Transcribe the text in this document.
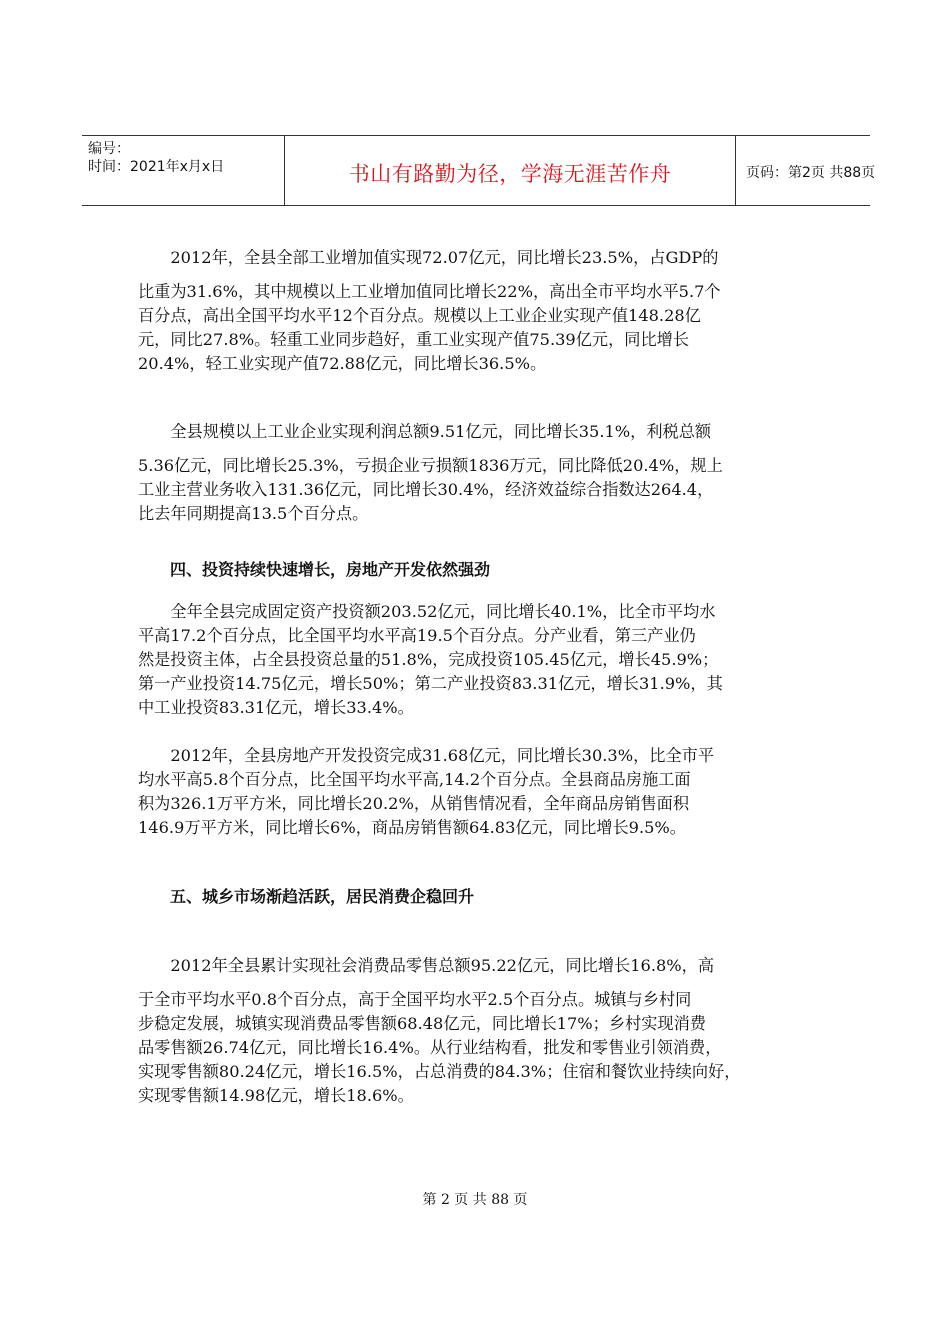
编号：
时间：2021年x月x日	书山有路勤为径，学海无涯苦作舟	页码：第2页 共88页
　　2012年，全县全部工业增加值实现72.07亿元，同比增长23.5%，占GDP的
比重为31.6%，其中规模以上工业增加值同比增长22%，高出全市平均水平5.7个
百分点，高出全国平均水平12个百分点。规模以上工业企业实现产值148.28亿
元，同比27.8%。轻重工业同步趋好，重工业实现产值75.39亿元，同比增长
20.4%，轻工业实现产值72.88亿元，同比增长36.5%。
　　全县规模以上工业企业实现利润总额9.51亿元，同比增长35.1%，利税总额
5.36亿元，同比增长25.3%，亏损企业亏损额1836万元，同比降低20.4%，规上
工业主营业务收入131.36亿元，同比增长30.4%，经济效益综合指数达264.4，
比去年同期提高13.5个百分点。
四、投资持续快速增长，房地产开发依然强劲
　　全年全县完成固定资产投资额203.52亿元，同比增长40.1%，比全市平均水
平高17.2个百分点，比全国平均水平高19.5个百分点。分产业看，第三产业仍
然是投资主体，占全县投资总量的51.8%，完成投资105.45亿元，增长45.9%；
第一产业投资14.75亿元，增长50%；第二产业投资83.31亿元，增长31.9%，其
中工业投资83.31亿元，增长33.4%。
　　2012年，全县房地产开发投资完成31.68亿元，同比增长30.3%，比全市平
均水平高5.8个百分点，比全国平均水平高,14.2个百分点。全县商品房施工面
积为326.1万平方米，同比增长20.2%，从销售情况看，全年商品房销售面积
146.9万平方米，同比增长6%，商品房销售额64.83亿元，同比增长9.5%。
五、城乡市场渐趋活跃，居民消费企稳回升
　　2012年全县累计实现社会消费品零售总额95.22亿元，同比增长16.8%，高
于全市平均水平0.8个百分点，高于全国平均水平2.5个百分点。城镇与乡村同
步稳定发展，城镇实现消费品零售额68.48亿元，同比增长17%；乡村实现消费
品零售额26.74亿元，同比增长16.4%。从行业结构看，批发和零售业引领消费，
实现零售额80.24亿元，增长16.5%，占总消费的84.3%；住宿和餐饮业持续向好，
实现零售额14.98亿元，增长18.6%。
第 2 页 共 88 页
